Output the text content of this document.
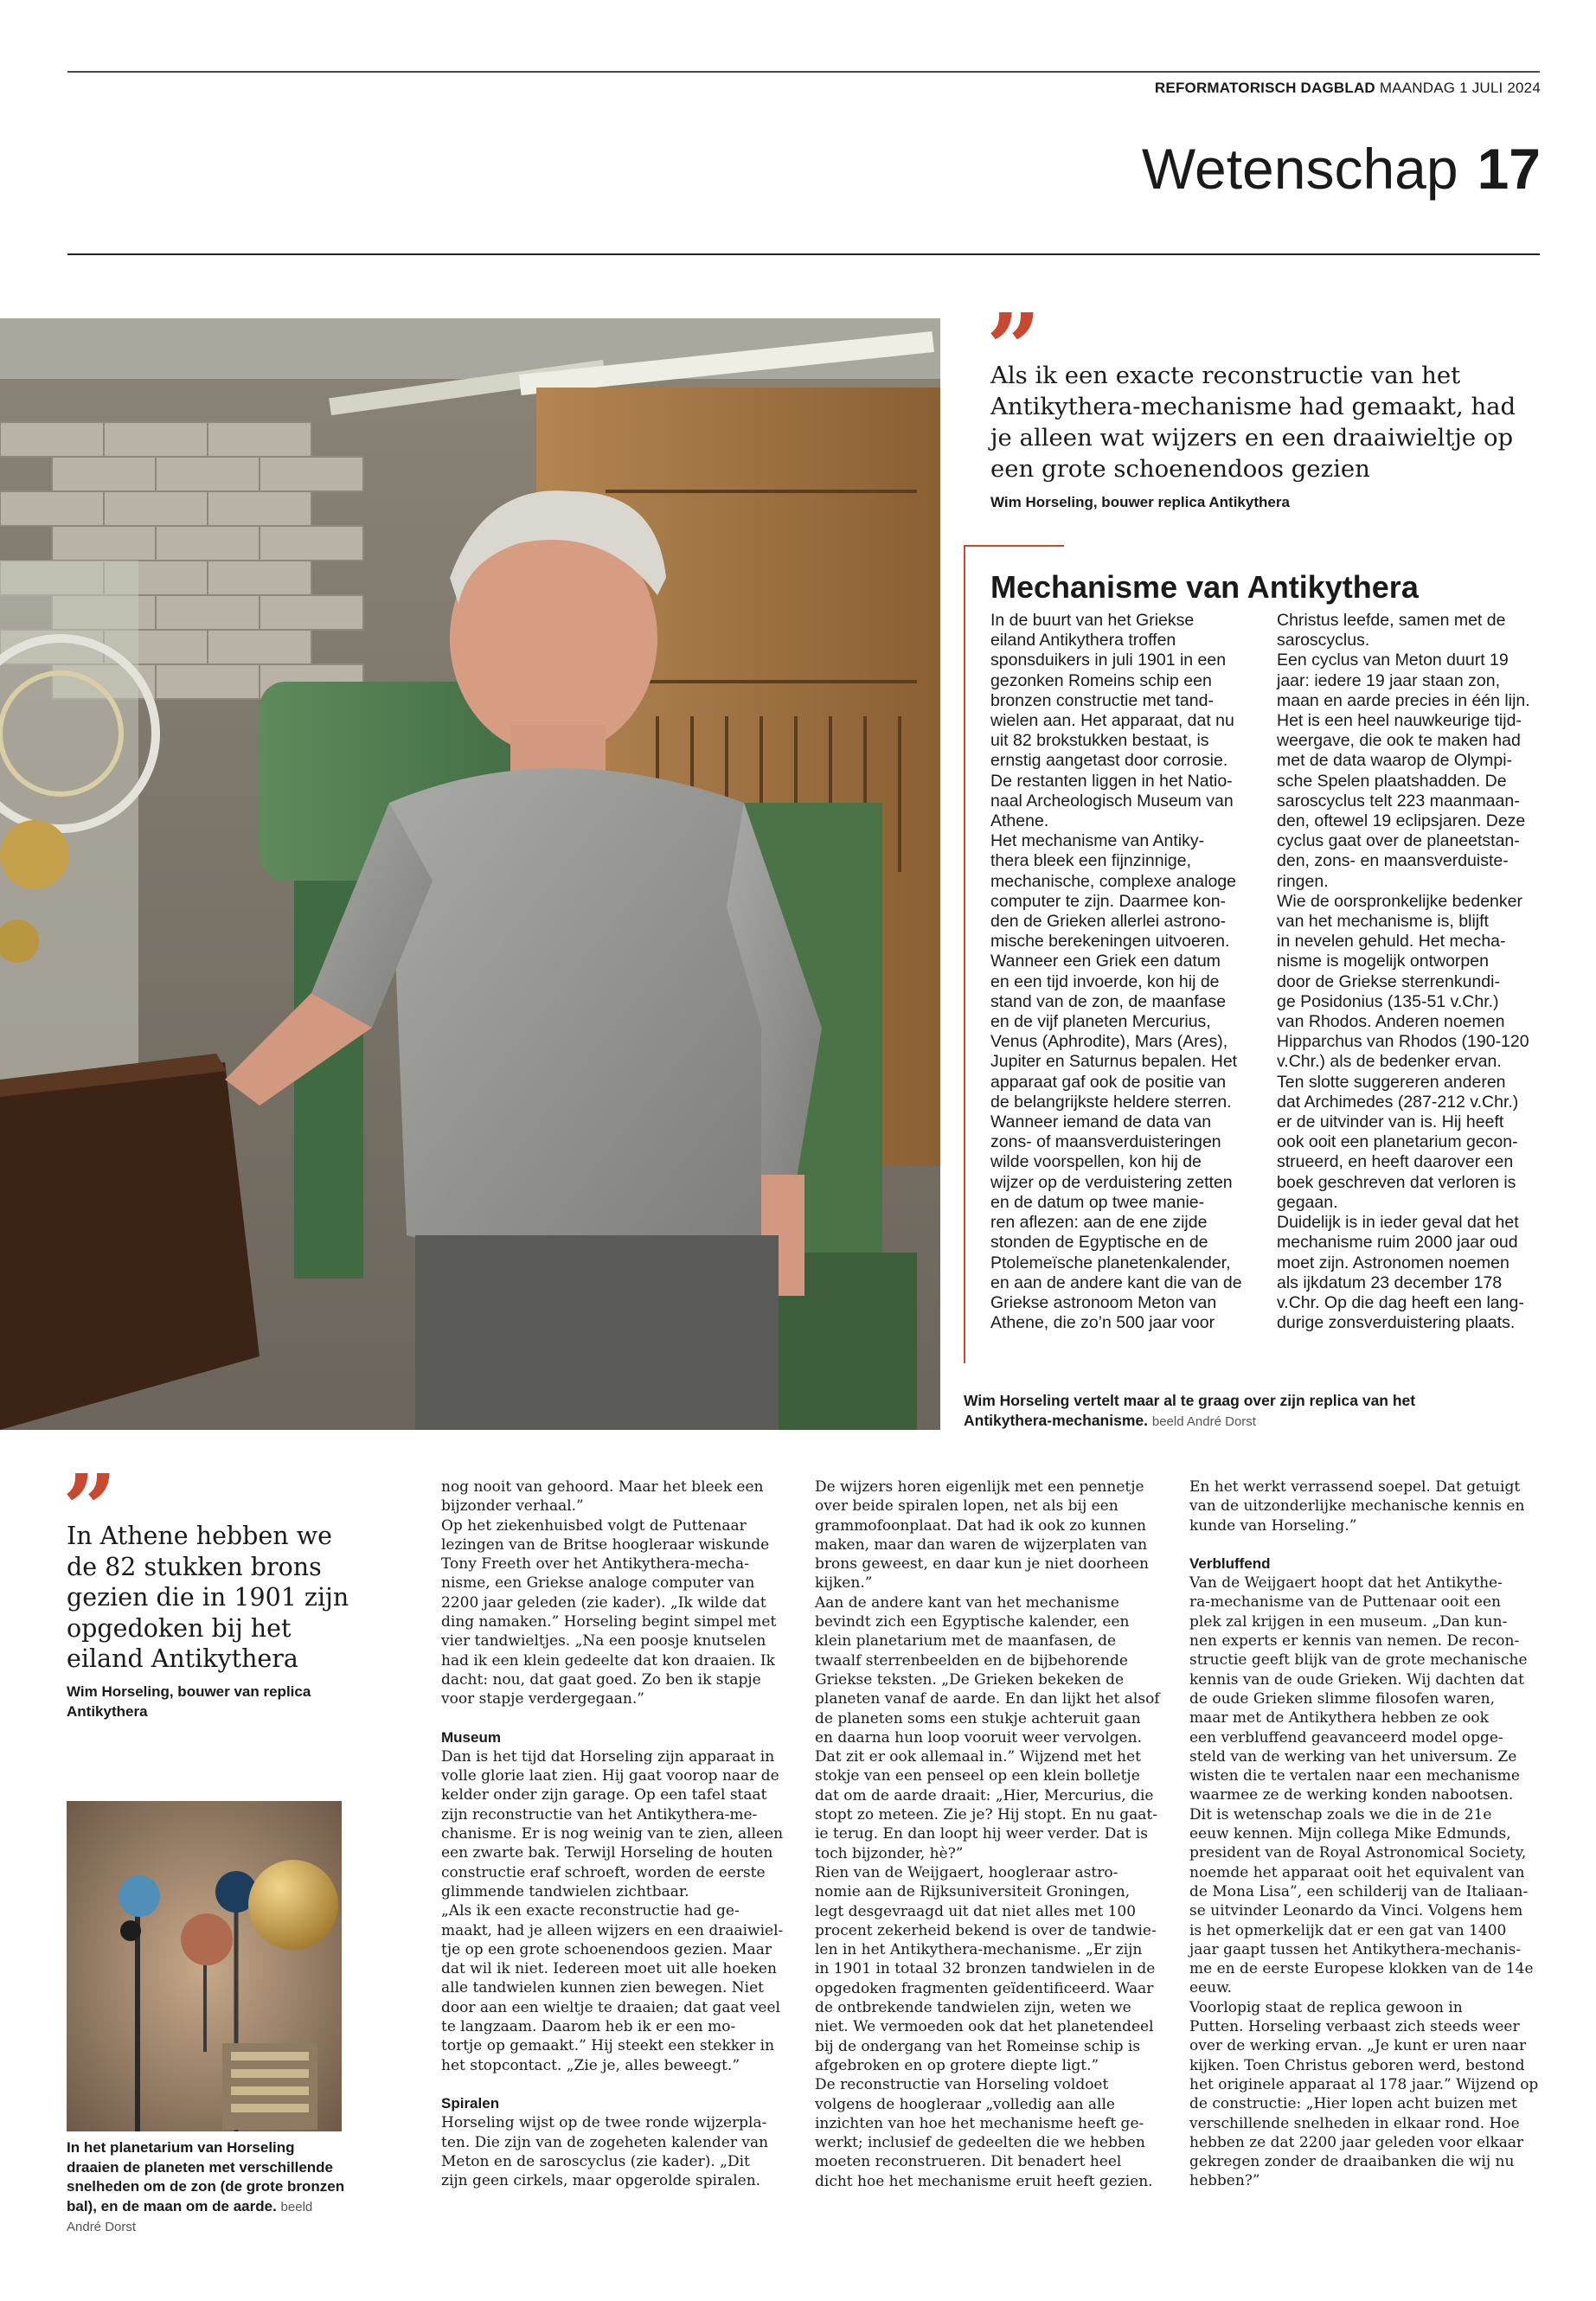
REFORMATORISCH DAGBLAD MAANDAG 1 JULI 2024
Wetenschap 17
”
Als ik een exacte reconstructie van het Antikythera-mechanisme had gemaakt, had je alleen wat wijzers en een draaiwieltje op een grote schoenendoos gezien
Wim Horseling, bouwer replica Antikythera
Mechanisme van Antikythera
In de buurt van het Griekse
eiland Antikythera troffen
sponsduikers in juli 1901 in een
gezonken Romeins schip een
bronzen constructie met tand-
wielen aan. Het apparaat, dat nu
uit 82 brokstukken bestaat, is
ernstig aangetast door corrosie.
De restanten liggen in het Natio-
naal Archeologisch Museum van
Athene.
Het mechanisme van Antiky-
thera bleek een fijnzinnige,
mechanische, complexe analoge
computer te zijn. Daarmee kon-
den de Grieken allerlei astrono-
mische berekeningen uitvoeren.
Wanneer een Griek een datum
en een tijd invoerde, kon hij de
stand van de zon, de maanfase
en de vijf planeten Mercurius,
Venus (Aphrodite), Mars (Ares),
Jupiter en Saturnus bepalen. Het
apparaat gaf ook de positie van
de belangrijkste heldere sterren.
Wanneer iemand de data van
zons- of maansverduisteringen
wilde voorspellen, kon hij de
wijzer op de verduistering zetten
en de datum op twee manie-
ren aflezen: aan de ene zijde
stonden de Egyptische en de
Ptolemeïsche planetenkalender,
en aan de andere kant die van de
Griekse astronoom Meton van
Athene, die zo’n 500 jaar voor
Christus leefde, samen met de
saroscyclus.
Een cyclus van Meton duurt 19
jaar: iedere 19 jaar staan zon,
maan en aarde precies in één lijn.
Het is een heel nauwkeurige tijd-
weergave, die ook te maken had
met de data waarop de Olympi-
sche Spelen plaatshadden. De
saroscyclus telt 223 maanmaan-
den, oftewel 19 eclipsjaren. Deze
cyclus gaat over de planeetstan-
den, zons- en maansverduiste-
ringen.
Wie de oorspronkelijke bedenker
van het mechanisme is, blijft
in nevelen gehuld. Het mecha-
nisme is mogelijk ontworpen
door de Griekse sterrenkundi-
ge Posidonius (135-51 v.Chr.)
van Rhodos. Anderen noemen
Hipparchus van Rhodos (190-120
v.Chr.) als de bedenker ervan.
Ten slotte suggereren anderen
dat Archimedes (287-212 v.Chr.)
er de uitvinder van is. Hij heeft
ook ooit een planetarium gecon-
strueerd, en heeft daarover een
boek geschreven dat verloren is
gegaan.
Duidelijk is in ieder geval dat het
mechanisme ruim 2000 jaar oud
moet zijn. Astronomen noemen
als ijkdatum 23 december 178
v.Chr. Op die dag heeft een lang-
durige zonsverduistering plaats.
Wim Horseling vertelt maar al te graag over zijn replica van het Antikythera-mechanisme. beeld André Dorst
”
In Athene hebben we de 82 stukken brons gezien die in 1901 zijn opgedoken bij het eiland Antikythera
Wim Horseling, bouwer van replica Antikythera
In het planetarium van Horseling draaien de planeten met verschillende snelheden om de zon (de grote bronzen bal), en de maan om de aarde. beeld André Dorst
nog nooit van gehoord. Maar het bleek een
bijzonder verhaal.”
Op het ziekenhuisbed volgt de Puttenaar
lezingen van de Britse hoogleraar wiskunde
Tony Freeth over het Antikythera-mecha-
nisme, een Griekse analoge computer van
2200 jaar geleden (zie kader). „Ik wilde dat
ding namaken.” Horseling begint simpel met
vier tandwieltjes. „Na een poosje knutselen
had ik een klein gedeelte dat kon draaien. Ik
dacht: nou, dat gaat goed. Zo ben ik stapje
voor stapje verdergegaan.”
Museum
Dan is het tijd dat Horseling zijn apparaat in
volle glorie laat zien. Hij gaat voorop naar de
kelder onder zijn garage. Op een tafel staat
zijn reconstructie van het Antikythera-me-
chanisme. Er is nog weinig van te zien, alleen
een zwarte bak. Terwijl Horseling de houten
constructie eraf schroeft, worden de eerste
glimmende tandwielen zichtbaar.
„Als ik een exacte reconstructie had ge-
maakt, had je alleen wijzers en een draaiwiel-
tje op een grote schoenendoos gezien. Maar
dat wil ik niet. Iedereen moet uit alle hoeken
alle tandwielen kunnen zien bewegen. Niet
door aan een wieltje te draaien; dat gaat veel
te langzaam. Daarom heb ik er een mo-
tortje op gemaakt.” Hij steekt een stekker in
het stopcontact. „Zie je, alles beweegt.”
Spiralen
Horseling wijst op de twee ronde wijzerpla-
ten. Die zijn van de zogeheten kalender van
Meton en de saroscyclus (zie kader). „Dit
zijn geen cirkels, maar opgerolde spiralen.
De wijzers horen eigenlijk met een pennetje
over beide spiralen lopen, net als bij een
grammofoonplaat. Dat had ik ook zo kunnen
maken, maar dan waren de wijzerplaten van
brons geweest, en daar kun je niet doorheen
kijken.”
Aan de andere kant van het mechanisme
bevindt zich een Egyptische kalender, een
klein planetarium met de maanfasen, de
twaalf sterrenbeelden en de bijbehorende
Griekse teksten. „De Grieken bekeken de
planeten vanaf de aarde. En dan lijkt het alsof
de planeten soms een stukje achteruit gaan
en daarna hun loop vooruit weer vervolgen.
Dat zit er ook allemaal in.” Wijzend met het
stokje van een penseel op een klein bolletje
dat om de aarde draait: „Hier, Mercurius, die
stopt zo meteen. Zie je? Hij stopt. En nu gaat-
ie terug. En dan loopt hij weer verder. Dat is
toch bijzonder, hè?”
Rien van de Weijgaert, hoogleraar astro-
nomie aan de Rijksuniversiteit Groningen,
legt desgevraagd uit dat niet alles met 100
procent zekerheid bekend is over de tandwie-
len in het Antikythera-mechanisme. „Er zijn
in 1901 in totaal 32 bronzen tandwielen in de
opgedoken fragmenten geïdentificeerd. Waar
de ontbrekende tandwielen zijn, weten we
niet. We vermoeden ook dat het planetendeel
bij de ondergang van het Romeinse schip is
afgebroken en op grotere diepte ligt.”
De reconstructie van Horseling voldoet
volgens de hoogleraar „volledig aan alle
inzichten van hoe het mechanisme heeft ge-
werkt; inclusief de gedeelten die we hebben
moeten reconstrueren. Dit benadert heel
dicht hoe het mechanisme eruit heeft gezien.
En het werkt verrassend soepel. Dat getuigt
van de uitzonderlijke mechanische kennis en
kunde van Horseling.”
Verbluffend
Van de Weijgaert hoopt dat het Antikythe-
ra-mechanisme van de Puttenaar ooit een
plek zal krijgen in een museum. „Dan kun-
nen experts er kennis van nemen. De recon-
structie geeft blijk van de grote mechanische
kennis van de oude Grieken. Wij dachten dat
de oude Grieken slimme filosofen waren,
maar met de Antikythera hebben ze ook
een verbluffend geavanceerd model opge-
steld van de werking van het universum. Ze
wisten die te vertalen naar een mechanisme
waarmee ze de werking konden nabootsen.
Dit is wetenschap zoals we die in de 21e
eeuw kennen. Mijn collega Mike Edmunds,
president van de Royal Astronomical Society,
noemde het apparaat ooit het equivalent van
de Mona Lisa”, een schilderij van de Italiaan-
se uitvinder Leonardo da Vinci. Volgens hem
is het opmerkelijk dat er een gat van 1400
jaar gaapt tussen het Antikythera-mechanis-
me en de eerste Europese klokken van de 14e
eeuw.
Voorlopig staat de replica gewoon in
Putten. Horseling verbaast zich steeds weer
over de werking ervan. „Je kunt er uren naar
kijken. Toen Christus geboren werd, bestond
het originele apparaat al 178 jaar.” Wijzend op
de constructie: „Hier lopen acht buizen met
verschillende snelheden in elkaar rond. Hoe
hebben ze dat 2200 jaar geleden voor elkaar
gekregen zonder de draaibanken die wij nu
hebben?”
